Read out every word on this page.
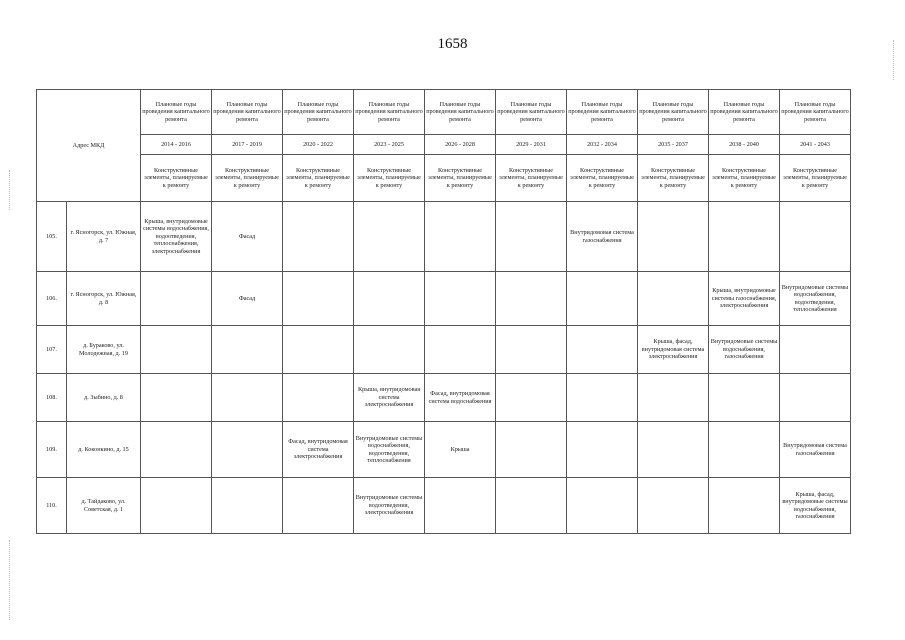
1658
Адрес МКД		Плановые годы проведения капитального ремонта	Плановые годы проведения капитального ремонта	Плановые годы проведения капитального ремонта	Плановые годы проведения капитального ремонта	Плановые годы проведения капитального ремонта	Плановые годы проведения капитального ремонта	Плановые годы проведения капитального ремонта	Плановые годы проведения капитального ремонта	Плановые годы проведения капитального ремонта	Плановые годы проведения капитального ремонта
		2014 - 2016	2017 - 2019	2020 - 2022	2023 - 2025	2026 - 2028	2029 - 2031	2032 - 2034	2035 - 2037	2038 - 2040	2041 - 2043
		Конструктивные элементы, планируемые к ремонту	Конструктивные элементы, планируемые к ремонту	Конструктивные элементы, планируемые к ремонту	Конструктивные элементы, планируемые к ремонту	Конструктивные элементы, планируемые к ремонту	Конструктивные элементы, планируемые к ремонту	Конструктивные элементы, планируемые к ремонту	Конструктивные элементы, планируемые к ремонту	Конструктивные элементы, планируемые к ремонту	Конструктивные элементы, планируемые к ремонту
105.	г. Ясногорск, ул. Южная, д. 7	Крыша, внутридомовые системы водоснабжения, водоотведения, теплоснабжения, электроснабжения	Фасад					Внутридомовая система газоснабжения			
106.	г. Ясногорск, ул. Южная, д. 8		Фасад							Крыша, внутридомовые системы газоснабжения, электроснабжения	Внутридомовые системы водоснабжения, водоотведения, теплоснабжения
107.	д. Бураково, ул. Молодежная, д. 19								Крыша, фасад, внутридомовая система электроснабжения	Внутридомовые системы водоснабжения, газоснабжения	
108.	д. Зыбино, д. 8				Крыша, внутридомовая система электроснабжения	Фасад, внутридомовая система водоснабжения					
109.	д. Коконкино, д. 15			Фасад, внутридомовая система электроснабжения	Внутридомовые системы водоснабжения, водоотведения, теплоснабжения	Крыша					Внутридомовая система газоснабжения
110.	д. Тайдаково, ул. Советская, д. 1				Внутридомовые системы водоотведения, электроснабжения						Крыша, фасад, внутридомовые системы водоснабжения, газоснабжения
